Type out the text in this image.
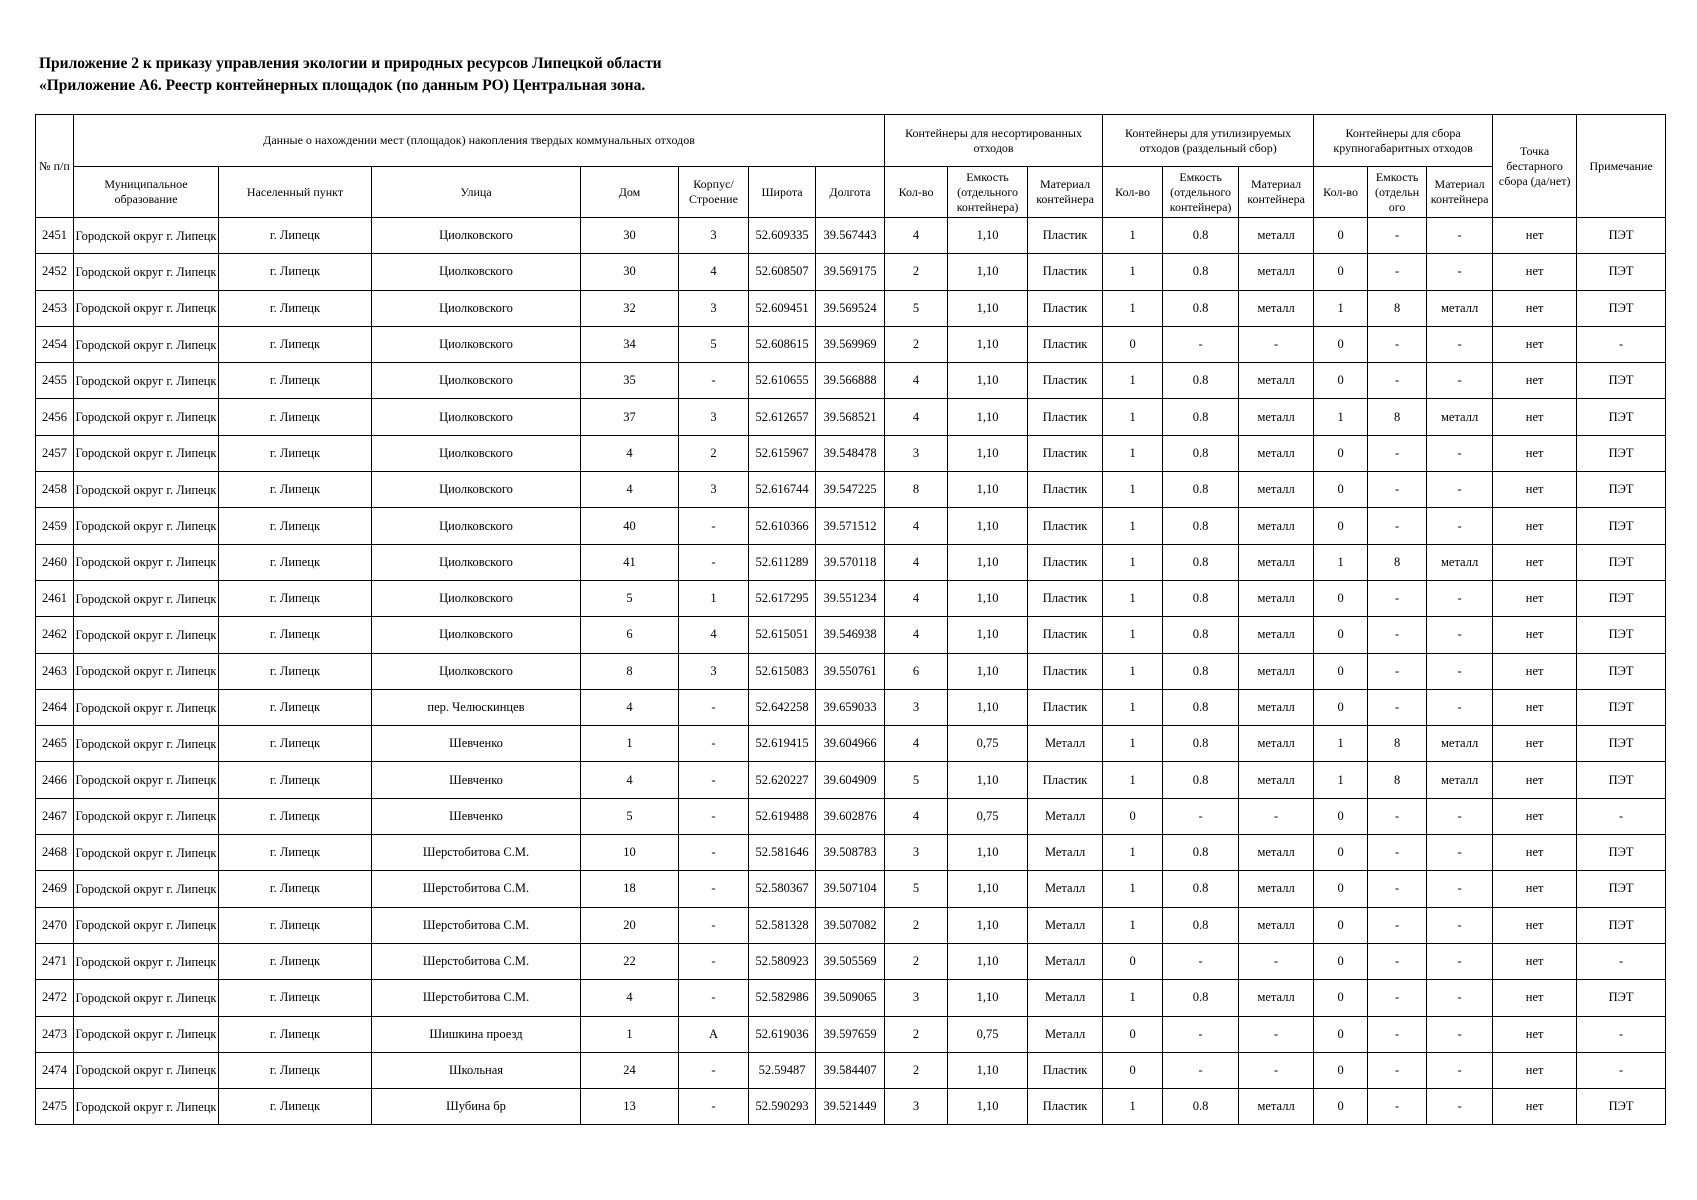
Приложение 2 к приказу управления экологии и природных ресурсов Липецкой области
«Приложение А6. Реестр контейнерных площадок (по данным РО) Центральная зона.
№ п/п	Данные о нахождении мест (площадок) накопления твердых коммунальных отходов							Контейнеры для несортированных отходов			Контейнеры для утилизируемых отходов (раздельный сбор)			Контейнеры для сбора крупногабаритных отходов			Точка бестарного сбора (да/нет)	Примечание
	Муниципальное образование	Населенный пункт	Улица	Дом	Корпус/ Строение	Широта	Долгота	Кол-во	Емкость (отдельного контейнера)	Материал контейнера	Кол-во	Емкость (отдельного контейнера)	Материал контейнера	Кол-во	Емкость (отдельн ого	Материал контейнера		
2451	Городской округ г. Липецк	г. Липецк	Циолковского	30	3	52.609335	39.567443	4	1,10	Пластик	1	0.8	металл	0	-	-	нет	ПЭТ
2452	Городской округ г. Липецк	г. Липецк	Циолковского	30	4	52.608507	39.569175	2	1,10	Пластик	1	0.8	металл	0	-	-	нет	ПЭТ
2453	Городской округ г. Липецк	г. Липецк	Циолковского	32	3	52.609451	39.569524	5	1,10	Пластик	1	0.8	металл	1	8	металл	нет	ПЭТ
2454	Городской округ г. Липецк	г. Липецк	Циолковского	34	5	52.608615	39.569969	2	1,10	Пластик	0	-	-	0	-	-	нет	-
2455	Городской округ г. Липецк	г. Липецк	Циолковского	35	-	52.610655	39.566888	4	1,10	Пластик	1	0.8	металл	0	-	-	нет	ПЭТ
2456	Городской округ г. Липецк	г. Липецк	Циолковского	37	3	52.612657	39.568521	4	1,10	Пластик	1	0.8	металл	1	8	металл	нет	ПЭТ
2457	Городской округ г. Липецк	г. Липецк	Циолковского	4	2	52.615967	39.548478	3	1,10	Пластик	1	0.8	металл	0	-	-	нет	ПЭТ
2458	Городской округ г. Липецк	г. Липецк	Циолковского	4	3	52.616744	39.547225	8	1,10	Пластик	1	0.8	металл	0	-	-	нет	ПЭТ
2459	Городской округ г. Липецк	г. Липецк	Циолковского	40	-	52.610366	39.571512	4	1,10	Пластик	1	0.8	металл	0	-	-	нет	ПЭТ
2460	Городской округ г. Липецк	г. Липецк	Циолковского	41	-	52.611289	39.570118	4	1,10	Пластик	1	0.8	металл	1	8	металл	нет	ПЭТ
2461	Городской округ г. Липецк	г. Липецк	Циолковского	5	1	52.617295	39.551234	4	1,10	Пластик	1	0.8	металл	0	-	-	нет	ПЭТ
2462	Городской округ г. Липецк	г. Липецк	Циолковского	6	4	52.615051	39.546938	4	1,10	Пластик	1	0.8	металл	0	-	-	нет	ПЭТ
2463	Городской округ г. Липецк	г. Липецк	Циолковского	8	3	52.615083	39.550761	6	1,10	Пластик	1	0.8	металл	0	-	-	нет	ПЭТ
2464	Городской округ г. Липецк	г. Липецк	пер. Челюскинцев	4	-	52.642258	39.659033	3	1,10	Пластик	1	0.8	металл	0	-	-	нет	ПЭТ
2465	Городской округ г. Липецк	г. Липецк	Шевченко	1	-	52.619415	39.604966	4	0,75	Металл	1	0.8	металл	1	8	металл	нет	ПЭТ
2466	Городской округ г. Липецк	г. Липецк	Шевченко	4	-	52.620227	39.604909	5	1,10	Пластик	1	0.8	металл	1	8	металл	нет	ПЭТ
2467	Городской округ г. Липецк	г. Липецк	Шевченко	5	-	52.619488	39.602876	4	0,75	Металл	0	-	-	0	-	-	нет	-
2468	Городской округ г. Липецк	г. Липецк	Шерстобитова С.М.	10	-	52.581646	39.508783	3	1,10	Металл	1	0.8	металл	0	-	-	нет	ПЭТ
2469	Городской округ г. Липецк	г. Липецк	Шерстобитова С.М.	18	-	52.580367	39.507104	5	1,10	Металл	1	0.8	металл	0	-	-	нет	ПЭТ
2470	Городской округ г. Липецк	г. Липецк	Шерстобитова С.М.	20	-	52.581328	39.507082	2	1,10	Металл	1	0.8	металл	0	-	-	нет	ПЭТ
2471	Городской округ г. Липецк	г. Липецк	Шерстобитова С.М.	22	-	52.580923	39.505569	2	1,10	Металл	0	-	-	0	-	-	нет	-
2472	Городской округ г. Липецк	г. Липецк	Шерстобитова С.М.	4	-	52.582986	39.509065	3	1,10	Металл	1	0.8	металл	0	-	-	нет	ПЭТ
2473	Городской округ г. Липецк	г. Липецк	Шишкина проезд	1	А	52.619036	39.597659	2	0,75	Металл	0	-	-	0	-	-	нет	-
2474	Городской округ г. Липецк	г. Липецк	Школьная	24	-	52.59487	39.584407	2	1,10	Пластик	0	-	-	0	-	-	нет	-
2475	Городской округ г. Липецк	г. Липецк	Шубина бр	13	-	52.590293	39.521449	3	1,10	Пластик	1	0.8	металл	0	-	-	нет	ПЭТ
